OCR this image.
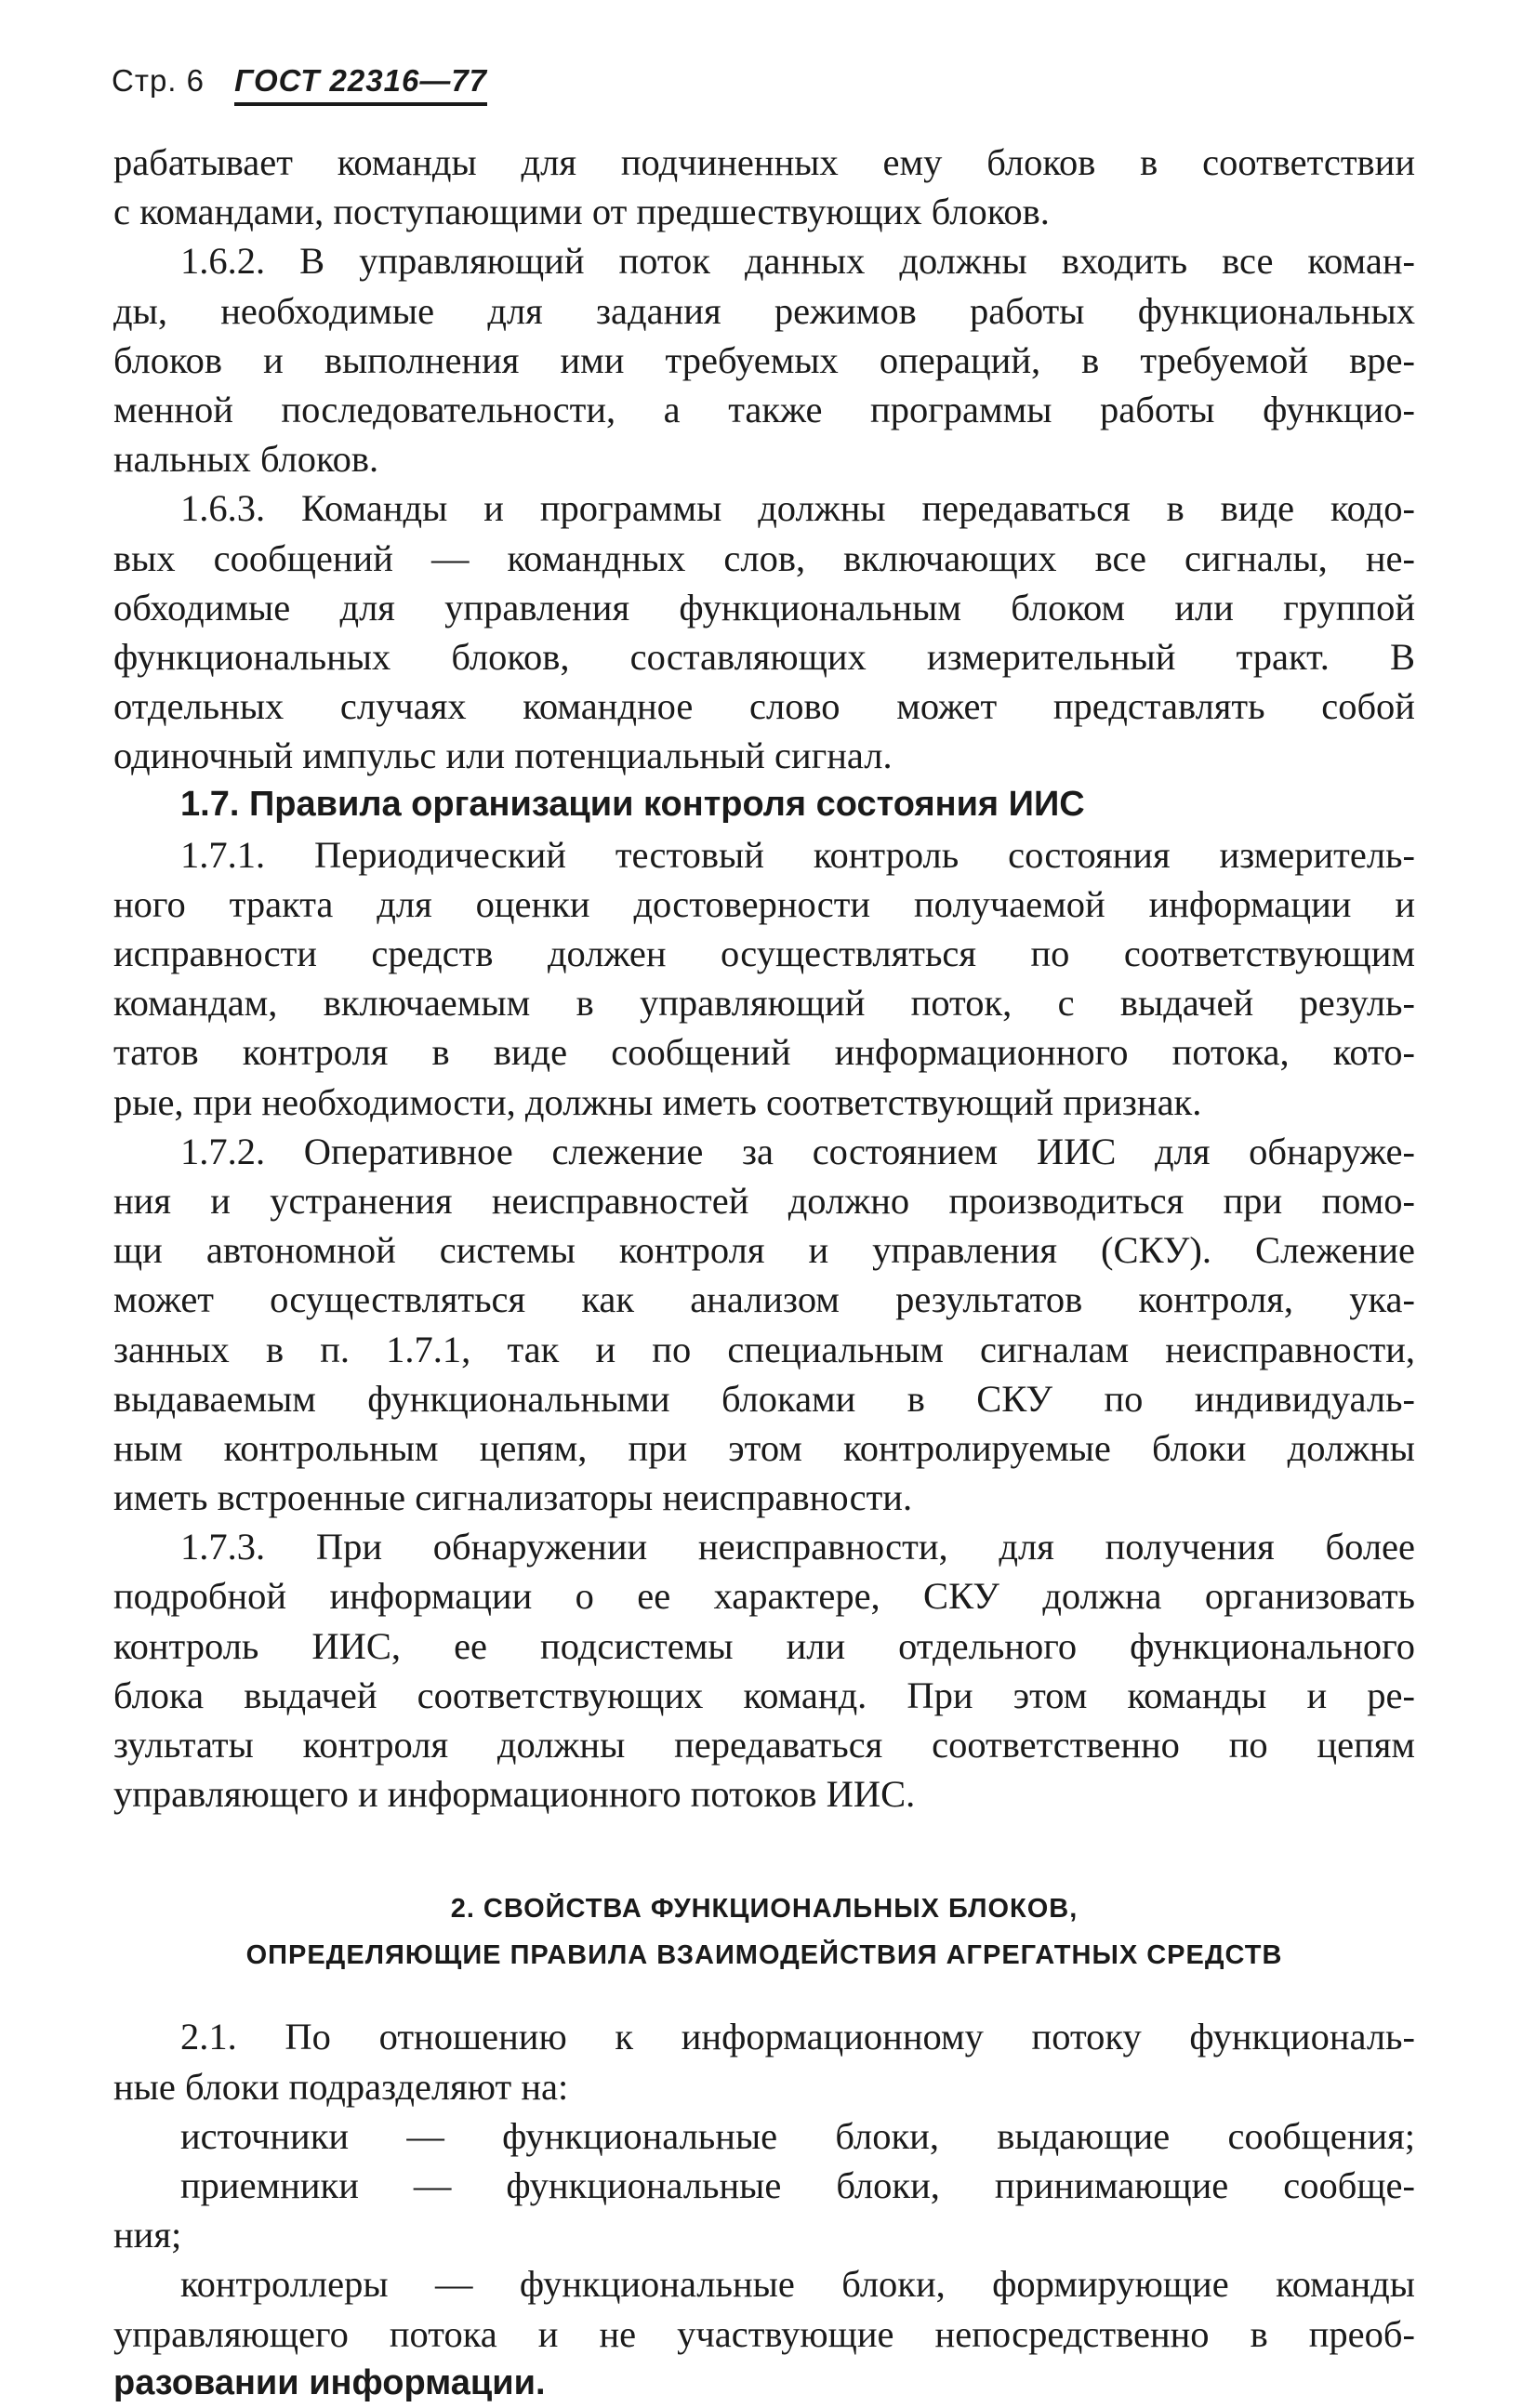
Стр. 6 ГОСТ 22316—77
рабатывает команды для подчиненных ему блоков в соответствии
с командами, поступающими от предшествующих блоков.
1.6.2. В управляющий поток данных должны входить все коман-
ды, необходимые для задания режимов работы функциональных
блоков и выполнения ими требуемых операций, в требуемой вре-
менной последовательности, а также программы работы функцио-
нальных блоков.
1.6.3. Команды и программы должны передаваться в виде кодо-
вых сообщений — командных слов, включающих все сигналы, не-
обходимые для управления функциональным блоком или группой
функциональных блоков, составляющих измерительный тракт. В
отдельных случаях командное слово может представлять собой
одиночный импульс или потенциальный сигнал.
1.7. Правила организации контроля состояния ИИС
1.7.1. Периодический тестовый контроль состояния измеритель-
ного тракта для оценки достоверности получаемой информации и
исправности средств должен осуществляться по соответствующим
командам, включаемым в управляющий поток, с выдачей резуль-
татов контроля в виде сообщений информационного потока, кото-
рые, при необходимости, должны иметь соответствующий признак.
1.7.2. Оперативное слежение за состоянием ИИС для обнаруже-
ния и устранения неисправностей должно производиться при помо-
щи автономной системы контроля и управления (СКУ). Слежение
может осуществляться как анализом результатов контроля, ука-
занных в п. 1.7.1, так и по специальным сигналам неисправности,
выдаваемым функциональными блоками в СКУ по индивидуаль-
ным контрольным цепям, при этом контролируемые блоки должны
иметь встроенные сигнализаторы неисправности.
1.7.3. При обнаружении неисправности, для получения более
подробной информации о ее характере, СКУ должна организовать
контроль ИИС, ее подсистемы или отдельного функционального
блока выдачей соответствующих команд. При этом команды и ре-
зультаты контроля должны передаваться соответственно по цепям
управляющего и информационного потоков ИИС.
2. СВОЙСТВА ФУНКЦИОНАЛЬНЫХ БЛОКОВ,
ОПРЕДЕЛЯЮЩИЕ ПРАВИЛА ВЗАИМОДЕЙСТВИЯ АГРЕГАТНЫХ СРЕДСТВ
2.1. По отношению к информационному потоку функциональ-
ные блоки подразделяют на:
источники — функциональные блоки, выдающие сообщения;
приемники — функциональные блоки, принимающие сообще-
ния;
контроллеры — функциональные блоки, формирующие команды
управляющего потока и не участвующие непосредственно в преоб-
разовании информации.
